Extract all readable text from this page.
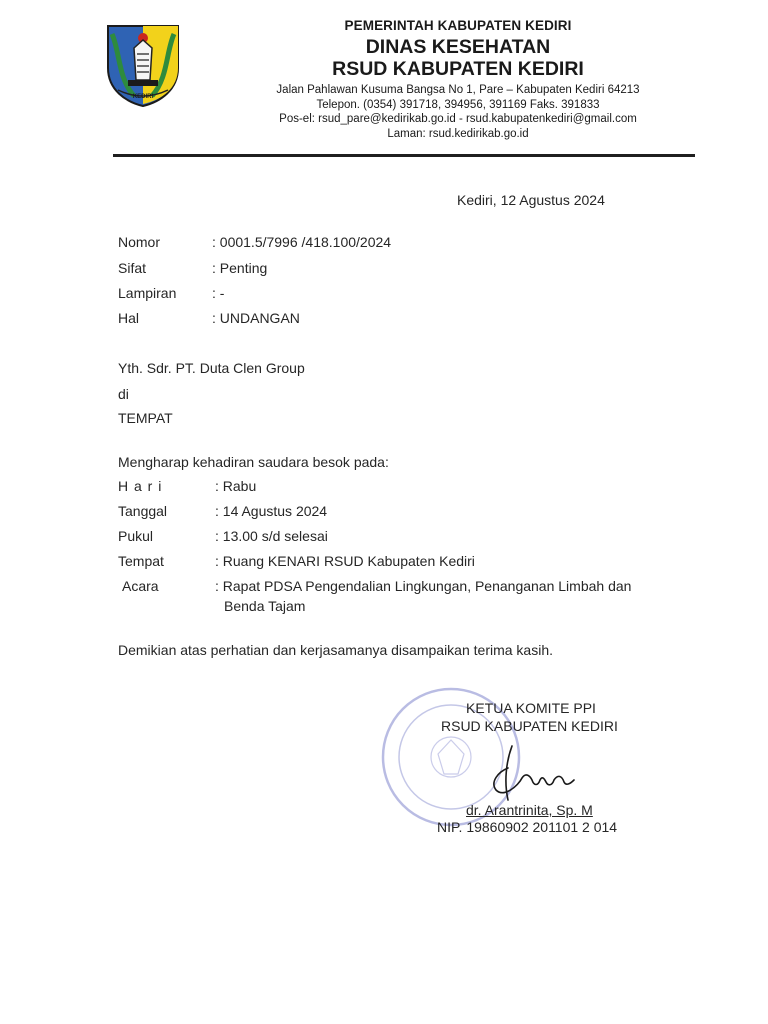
KEDIRI
PEMERINTAH KABUPATEN KEDIRI
DINAS KESEHATAN
RSUD KABUPATEN KEDIRI
Jalan Pahlawan Kusuma Bangsa No 1, Pare – Kabupaten Kediri 64213
Telepon. (0354) 391718, 394956, 391169 Faks. 391833
Pos-el: rsud_pare@kedirikab.go.id - rsud.kabupatenkediri@gmail.com
Laman: rsud.kedirikab.go.id
Kediri, 12 Agustus 2024
Nomor	: 0001.5/7996 /418.100/2024
Sifat	: Penting
Lampiran	: -
Hal	: UNDANGAN
Yth. Sdr. PT. Duta Clen Group
di
TEMPAT
Mengharap kehadiran saudara besok pada:
H a r i	: Rabu
Tanggal	: 14 Agustus 2024
Pukul	: 13.00 s/d selesai
Tempat	: Ruang KENARI RSUD Kabupaten Kediri
Acara	: Rapat PDSA Pengendalian Lingkungan, Penanganan Limbah dan
Benda Tajam
Demikian atas perhatian dan kerjasamanya disampaikan terima kasih.
KETUA KOMITE PPI
RSUD KABUPATEN KEDIRI
dr. Arantrinita, Sp. M
NIP. 19860902 201101 2 014
